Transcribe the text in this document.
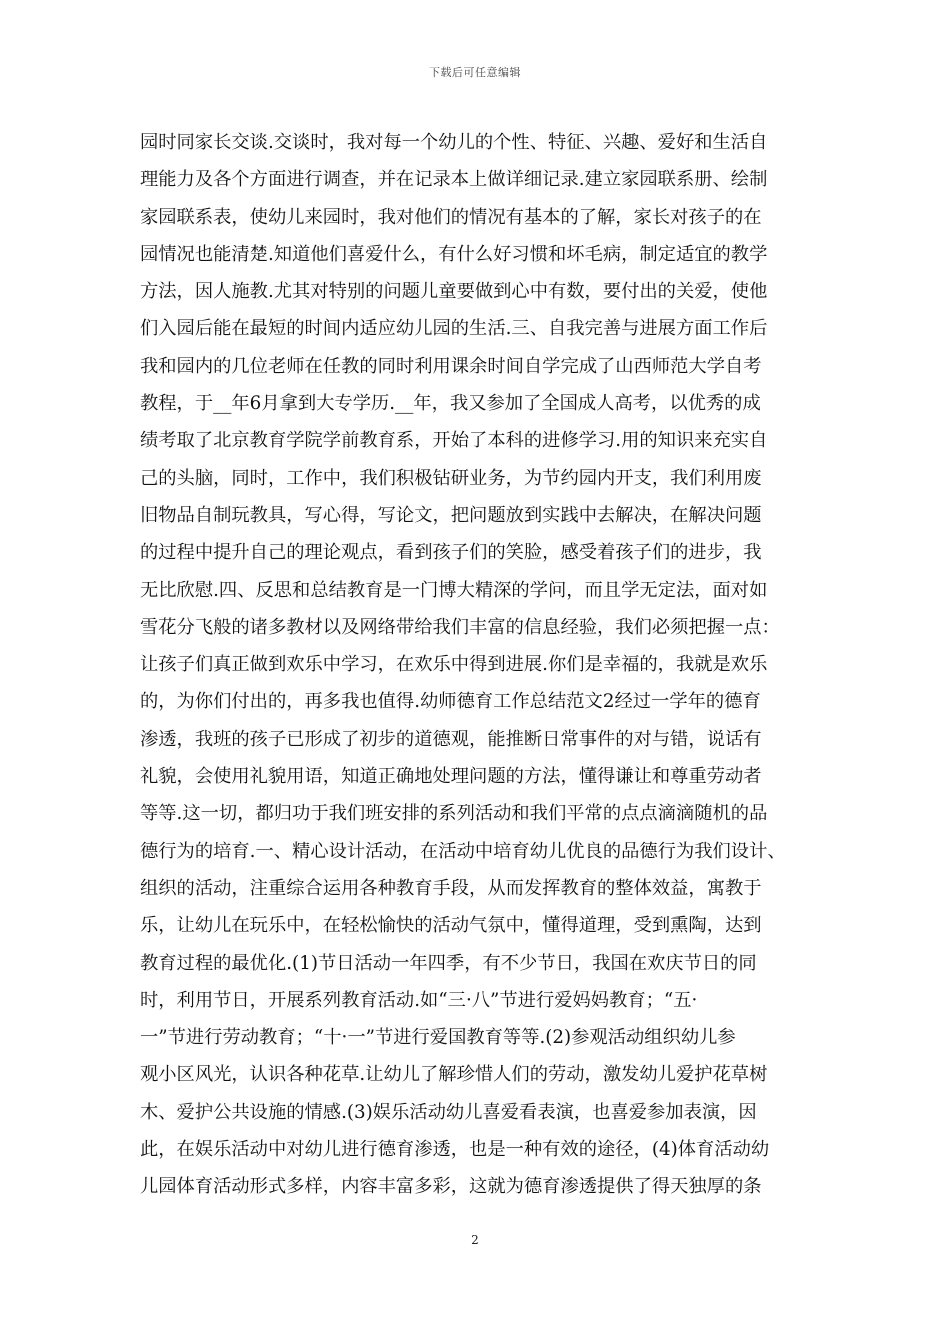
下载后可任意编辑
园时同家长交谈.交谈时，我对每一个幼儿的个性、特征、兴趣、爱好和生活自
理能力及各个方面进行调查，并在记录本上做详细记录.建立家园联系册、绘制
家园联系表，使幼儿来园时，我对他们的情况有基本的了解，家长对孩子的在
园情况也能清楚.知道他们喜爱什么，有什么好习惯和坏毛病，制定适宜的教学
方法，因人施教.尤其对特别的问题儿童要做到心中有数，要付出的关爱，使他
们入园后能在最短的时间内适应幼儿园的生活.三、自我完善与进展方面工作后
我和园内的几位老师在任教的同时利用课余时间自学完成了山西师范大学自考
教程，于__年6月拿到大专学历.__年，我又参加了全国成人高考，以优秀的成
绩考取了北京教育学院学前教育系，开始了本科的进修学习.用的知识来充实自
己的头脑，同时，工作中，我们积极钻研业务，为节约园内开支，我们利用废
旧物品自制玩教具，写心得，写论文，把问题放到实践中去解决，在解决问题
的过程中提升自己的理论观点，看到孩子们的笑脸，感受着孩子们的进步，我
无比欣慰.四、反思和总结教育是一门博大精深的学问，而且学无定法，面对如
雪花分飞般的诸多教材以及网络带给我们丰富的信息经验，我们必须把握一点：
让孩子们真正做到欢乐中学习，在欢乐中得到进展.你们是幸福的，我就是欢乐
的，为你们付出的，再多我也值得.幼师德育工作总结范文2经过一学年的德育
渗透，我班的孩子已形成了初步的道德观，能推断日常事件的对与错，说话有
礼貌，会使用礼貌用语，知道正确地处理问题的方法，懂得谦让和尊重劳动者
等等.这一切，都归功于我们班安排的系列活动和我们平常的点点滴滴随机的品
德行为的培育.一、精心设计活动，在活动中培育幼儿优良的品德行为我们设计、
组织的活动，注重综合运用各种教育手段，从而发挥教育的整体效益，寓教于
乐，让幼儿在玩乐中，在轻松愉快的活动气氛中，懂得道理，受到熏陶，达到
教育过程的最优化.(1)节日活动一年四季，有不少节日，我国在欢庆节日的同
时，利用节日，开展系列教育活动.如“三·八”节进行爱妈妈教育；“五·
一”节进行劳动教育；“十·一”节进行爱国教育等等.(2)参观活动组织幼儿参
观小区风光，认识各种花草.让幼儿了解珍惜人们的劳动，激发幼儿爱护花草树
木、爱护公共设施的情感.(3)娱乐活动幼儿喜爱看表演，也喜爱参加表演，因
此，在娱乐活动中对幼儿进行德育渗透，也是一种有效的途径，(4)体育活动幼
儿园体育活动形式多样，内容丰富多彩，这就为德育渗透提供了得天独厚的条
2
